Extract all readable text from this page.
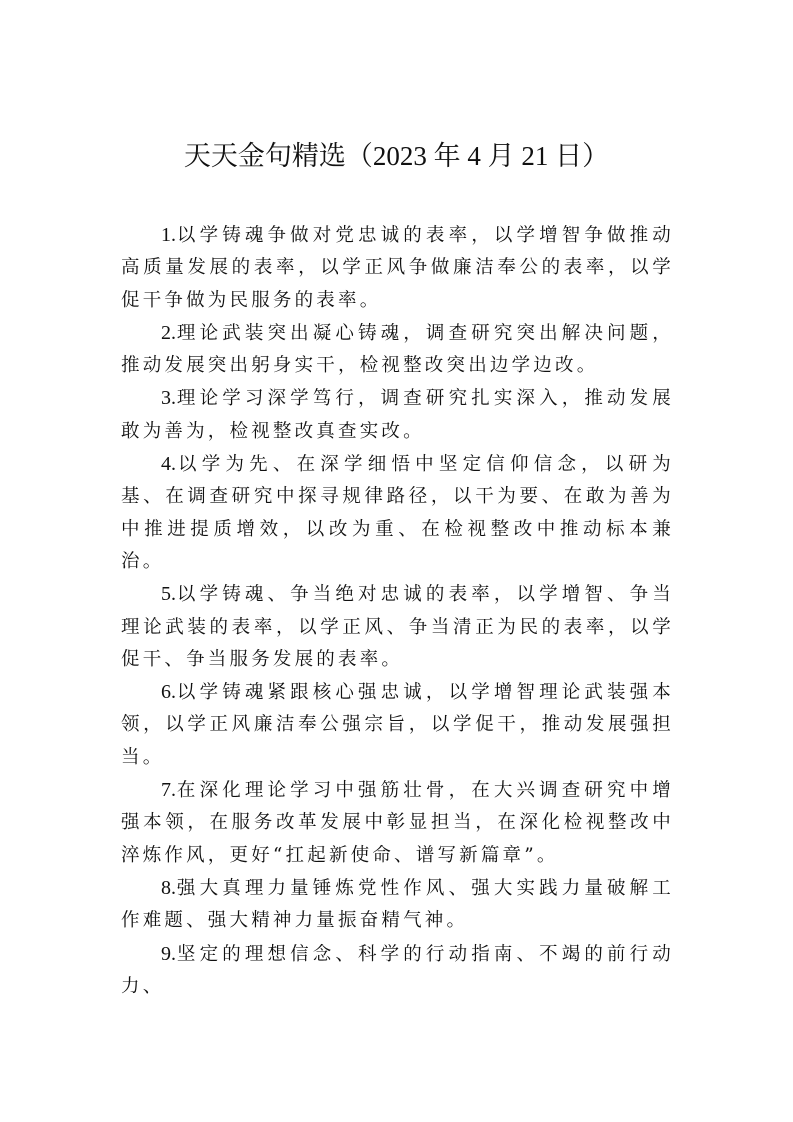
天天金句精选（2023 年 4 月 21 日）

1.以学铸魂争做对党忠诚的表率，以学增智争做推动高质量发展的表率，以学正风争做廉洁奉公的表率，以学促干争做为民服务的表率。

2.理论武装突出凝心铸魂，调查研究突出解决问题，推动发展突出躬身实干，检视整改突出边学边改。

3.理论学习深学笃行，调查研究扎实深入，推动发展敢为善为，检视整改真查实改。

4.以学为先、在深学细悟中坚定信仰信念，以研为基、在调查研究中探寻规律路径，以干为要、在敢为善为中推进提质增效，以改为重、在检视整改中推动标本兼治。

5.以学铸魂、争当绝对忠诚的表率，以学增智、争当理论武装的表率，以学正风、争当清正为民的表率，以学促干、争当服务发展的表率。

6.以学铸魂紧跟核心强忠诚，以学增智理论武装强本领，以学正风廉洁奉公强宗旨，以学促干，推动发展强担当。

7.在深化理论学习中强筋壮骨，在大兴调查研究中增强本领，在服务改革发展中彰显担当，在深化检视整改中淬炼作风，更好“扛起新使命、谱写新篇章”。

8.强大真理力量锤炼党性作风、强大实践力量破解工作难题、强大精神力量振奋精气神。

9.坚定的理想信念、科学的行动指南、不竭的前行动力、
